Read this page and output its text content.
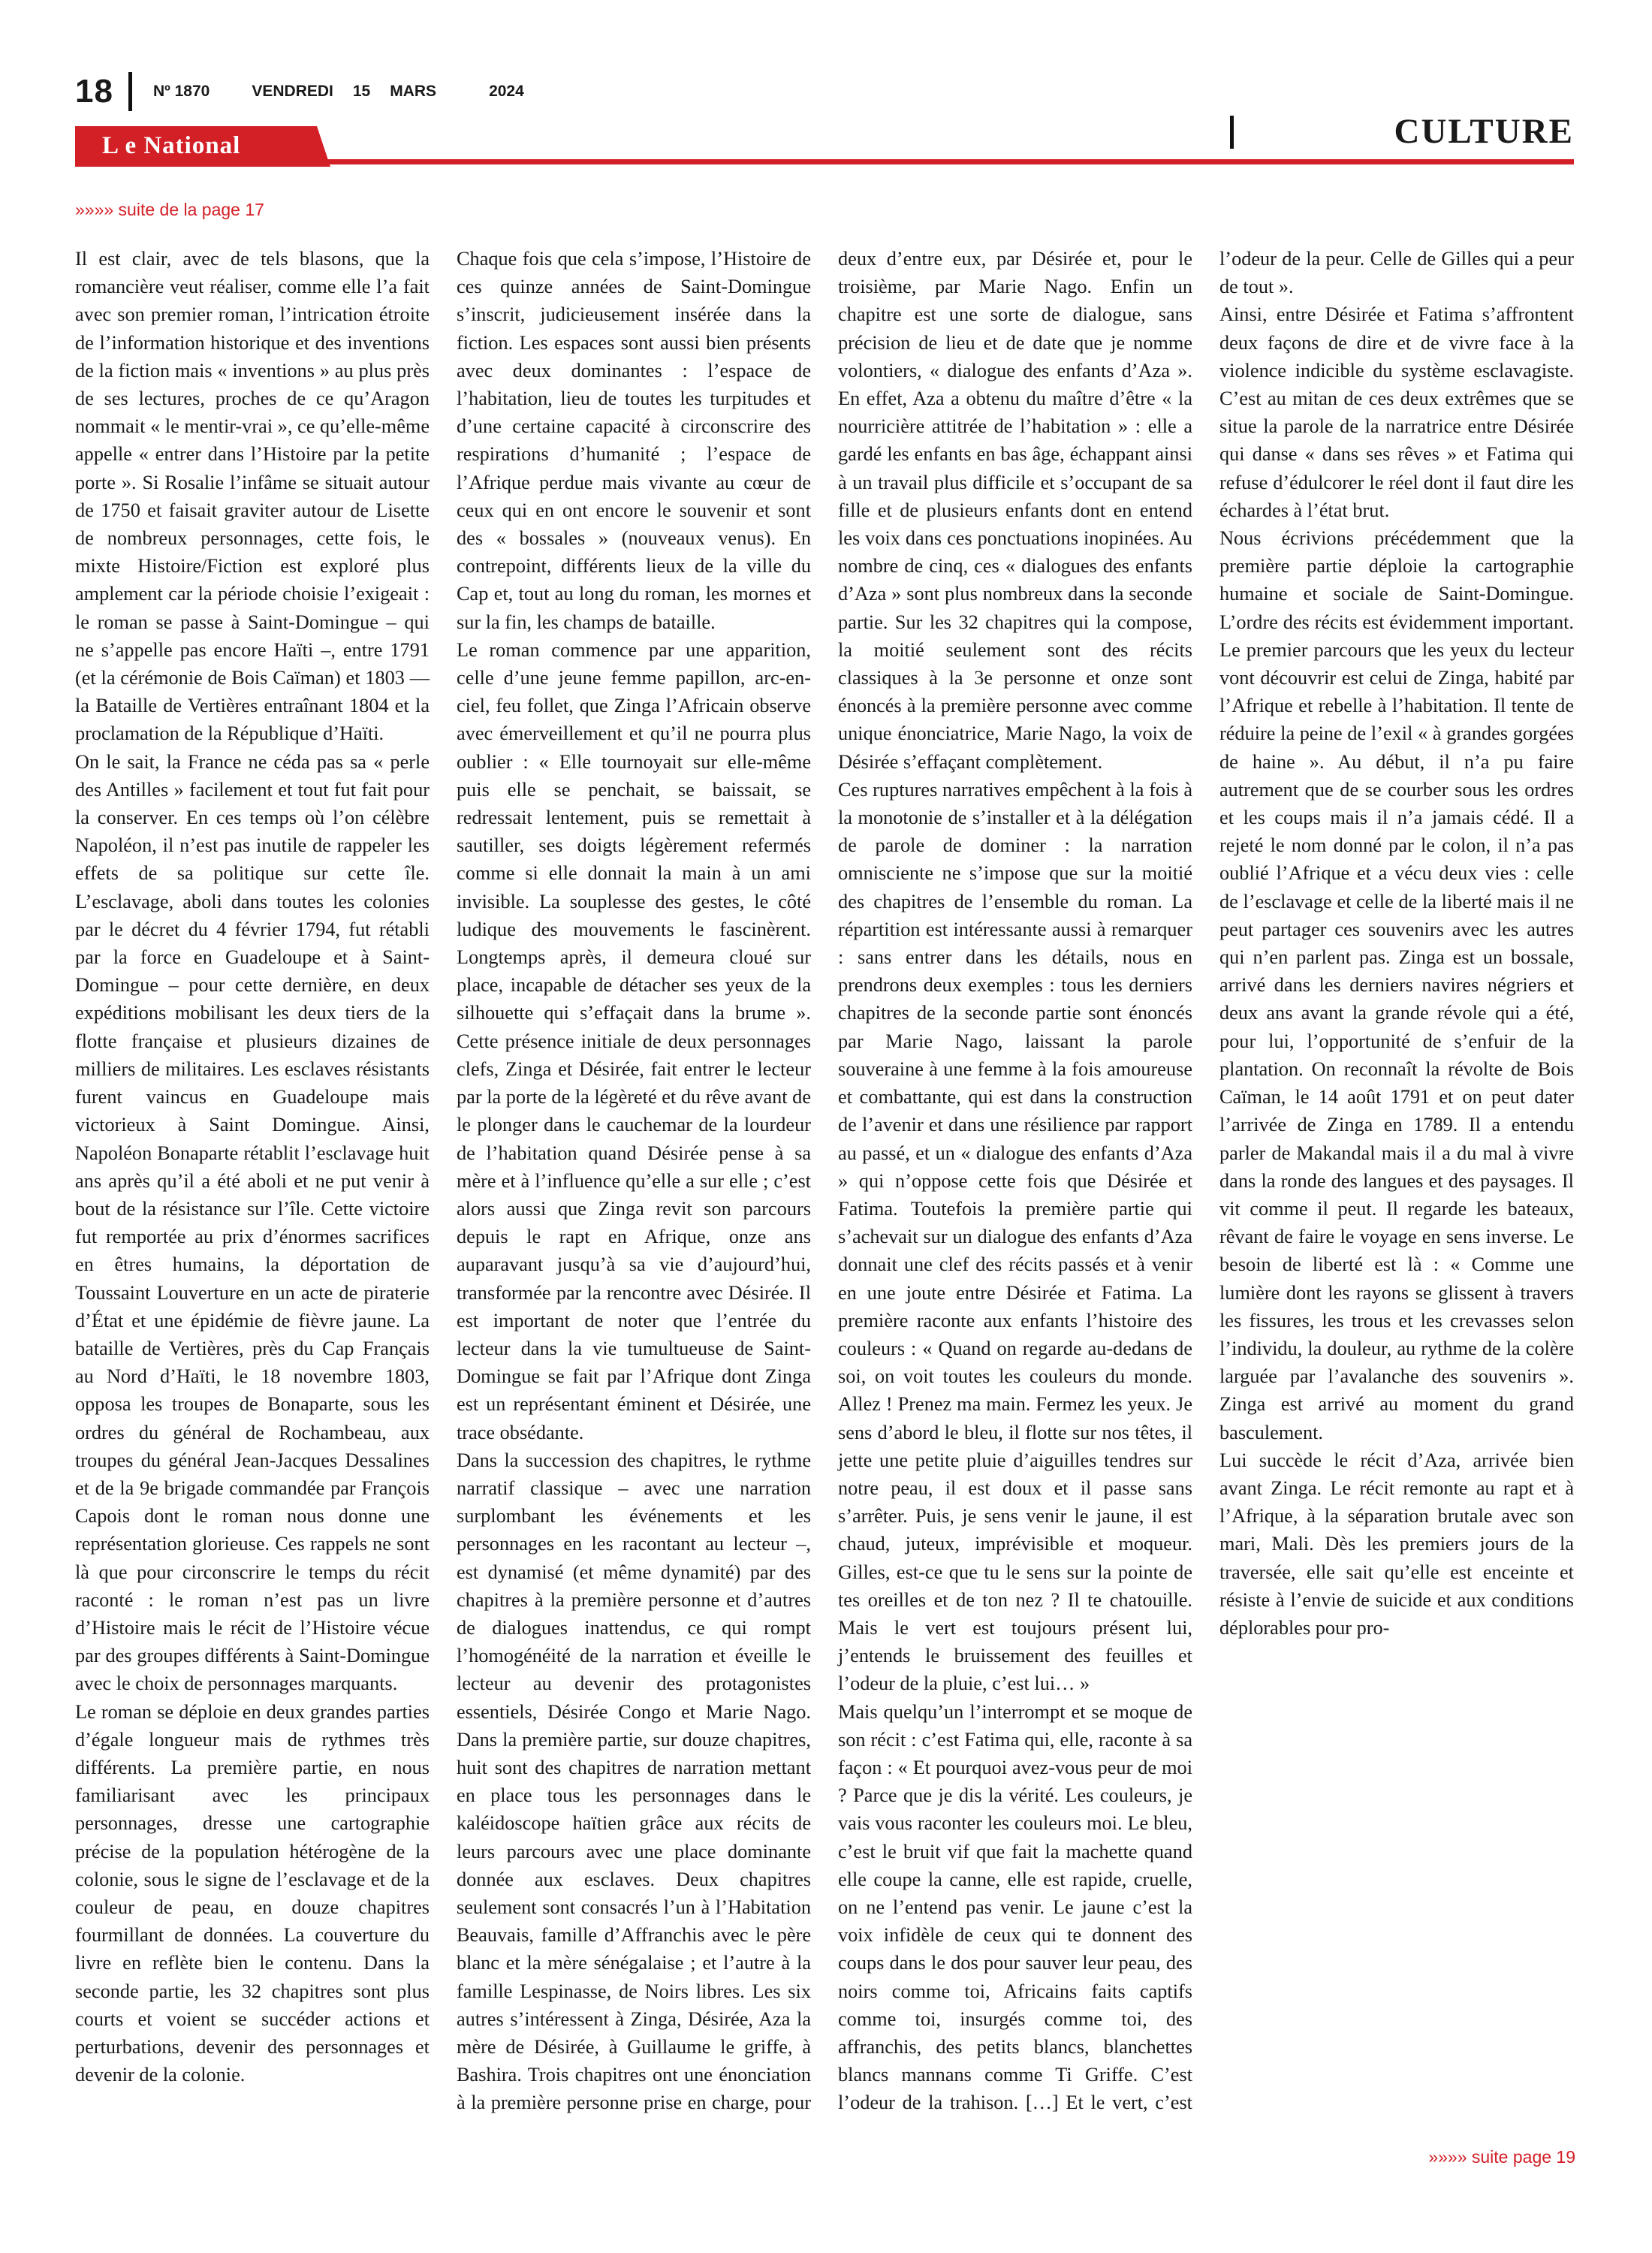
18	Nº 1870	VENDREDI 15 MARS	2024
L e National	CULTURE
»»»» suite de la page 17

Il est clair, avec de tels blasons, que la romancière veut réaliser, comme elle l’a fait avec son premier roman, l’intrication étroite de l’information historique et des inventions de la fiction mais « inventions » au plus près de ses lectures, proches de ce qu’Aragon nommait « le mentir-vrai », ce qu’elle-même appelle « entrer dans l’Histoire par la petite porte ». Si Rosalie l’infâme se situait autour de 1750 et faisait graviter autour de Lisette de nombreux personnages, cette fois, le mixte Histoire/Fiction est exploré plus amplement car la période choisie l’exigeait : le roman se passe à Saint-Domingue – qui ne s’appelle pas encore Haïti –, entre 1791 (et la cérémonie de Bois Caïman) et 1803 — la Bataille de Vertières entraînant 1804 et la proclamation de la République d’Haïti.

On le sait, la France ne céda pas sa « perle des Antilles » facilement et tout fut fait pour la conserver. En ces temps où l’on célèbre Napoléon, il n’est pas inutile de rappeler les effets de sa politique sur cette île. L’esclavage, aboli dans toutes les colonies par le décret du 4 février 1794, fut rétabli par la force en Guadeloupe et à Saint-Domingue – pour cette dernière, en deux expéditions mobilisant les deux tiers de la flotte française et plusieurs dizaines de milliers de militaires. Les esclaves résistants furent vaincus en Guadeloupe mais victorieux à Saint Domingue. Ainsi, Napoléon Bonaparte rétablit l’esclavage huit ans après qu’il a été aboli et ne put venir à bout de la résistance sur l’île. Cette victoire fut remportée au prix d’énormes sacrifices en êtres humains, la déportation de Toussaint Louverture en un acte de piraterie d’État et une épidémie de fièvre jaune. La bataille de Vertières, près du Cap Français au Nord d’Haïti, le 18 novembre 1803, opposa les troupes de Bonaparte, sous les ordres du général de Rochambeau, aux troupes du général Jean-Jacques Dessalines et de la 9e brigade commandée par François Capois dont le roman nous donne une représentation glorieuse. Ces rappels ne sont là que pour circonscrire le temps du récit raconté : le roman n’est pas un livre d’Histoire mais le récit de l’Histoire vécue par des groupes différents à Saint-Domingue avec le choix de personnages marquants.

Le roman se déploie en deux grandes parties d’égale longueur mais de rythmes très différents. La première partie, en nous familiarisant avec les principaux personnages, dresse une cartographie précise de la population hétérogène de la colonie, sous le signe de l’esclavage et de la couleur de peau, en douze chapitres fourmillant de données. La couverture du livre en reflète bien le contenu. Dans la seconde partie, les 32 chapitres sont plus courts et voient se succéder actions et perturbations, devenir des personnages et devenir de la colonie.

Chaque fois que cela s’impose, l’Histoire de ces quinze années de Saint-Domingue s’inscrit, judicieusement insérée dans la fiction. Les espaces sont aussi bien présents avec deux dominantes : l’espace de l’habitation, lieu de toutes les turpitudes et d’une certaine capacité à circonscrire des respirations d’humanité ; l’espace de l’Afrique perdue mais vivante au cœur de ceux qui en ont encore le souvenir et sont des « bossales » (nouveaux venus). En contrepoint, différents lieux de la ville du Cap et, tout au long du roman, les mornes et sur la fin, les champs de bataille.

Le roman commence par une apparition, celle d’une jeune femme papillon, arc-en-ciel, feu follet, que Zinga l’Africain observe avec émerveillement et qu’il ne pourra plus oublier : « Elle tournoyait sur elle-même puis elle se penchait, se baissait, se redressait lentement, puis se remettait à sautiller, ses doigts légèrement refermés comme si elle donnait la main à un ami invisible. La souplesse des gestes, le côté ludique des mouvements le fascinèrent. Longtemps après, il demeura cloué sur place, incapable de détacher ses yeux de la silhouette qui s’effaçait dans la brume ». Cette présence initiale de deux personnages clefs, Zinga et Désirée, fait entrer le lecteur par la porte de la légèreté et du rêve avant de le plonger dans le cauchemar de la lourdeur de l’habitation quand Désirée pense à sa mère et à l’influence qu’elle a sur elle ; c’est alors aussi que Zinga revit son parcours depuis le rapt en Afrique, onze ans auparavant jusqu’à sa vie d’aujourd’hui, transformée par la rencontre avec Désirée. Il est important de noter que l’entrée du lecteur dans la vie tumultueuse de Saint-Domingue se fait par l’Afrique dont Zinga est un représentant éminent et Désirée, une trace obsédante.

Dans la succession des chapitres, le rythme narratif classique – avec une narration surplombant les événements et les personnages en les racontant au lecteur –, est dynamisé (et même dynamité) par des chapitres à la première personne et d’autres de dialogues inattendus, ce qui rompt l’homogénéité de la narration et éveille le lecteur au devenir des protagonistes essentiels, Désirée Congo et Marie Nago. Dans la première partie, sur douze chapitres, huit sont des chapitres de narration mettant en place tous les personnages dans le kaléidoscope haïtien grâce aux récits de leurs parcours avec une place dominante donnée aux esclaves. Deux chapitres seulement sont consacrés l’un à l’Habitation Beauvais, famille d’Affranchis avec le père blanc et la mère sénégalaise ; et l’autre à la famille Lespinasse, de Noirs libres. Les six autres s’intéressent à Zinga, Désirée, Aza la mère de Désirée, à Guillaume le griffe, à Bashira. Trois chapitres ont une énonciation à la première personne prise en charge, pour deux d’entre eux, par Désirée et, pour le troisième, par Marie Nago. Enfin un chapitre est une sorte de dialogue, sans précision de lieu et de date que je nomme volontiers, « dialogue des enfants d’Aza ». En effet, Aza a obtenu du maître d’être « la nourricière attitrée de l’habitation » : elle a gardé les enfants en bas âge, échappant ainsi à un travail plus difficile et s’occupant de sa fille et de plusieurs enfants dont en entend les voix dans ces ponctuations inopinées. Au nombre de cinq, ces « dialogues des enfants d’Aza » sont plus nombreux dans la seconde partie. Sur les 32 chapitres qui la compose, la moitié seulement sont des récits classiques à la 3e personne et onze sont énoncés à la première personne avec comme unique énonciatrice, Marie Nago, la voix de Désirée s’effaçant complètement.

Ces ruptures narratives empêchent à la fois à la monotonie de s’installer et à la délégation de parole de dominer : la narration omnisciente ne s’impose que sur la moitié des chapitres de l’ensemble du roman. La répartition est intéressante aussi à remarquer : sans entrer dans les détails, nous en prendrons deux exemples : tous les derniers chapitres de la seconde partie sont énoncés par Marie Nago, laissant la parole souveraine à une femme à la fois amoureuse et combattante, qui est dans la construction de l’avenir et dans une résilience par rapport au passé, et un « dialogue des enfants d’Aza » qui n’oppose cette fois que Désirée et Fatima. Toutefois la première partie qui s’achevait sur un dialogue des enfants d’Aza donnait une clef des récits passés et à venir en une joute entre Désirée et Fatima. La première raconte aux enfants l’histoire des couleurs : « Quand on regarde au-dedans de soi, on voit toutes les couleurs du monde. Allez ! Prenez ma main. Fermez les yeux. Je sens d’abord le bleu, il flotte sur nos têtes, il jette une petite pluie d’aiguilles tendres sur notre peau, il est doux et il passe sans s’arrêter. Puis, je sens venir le jaune, il est chaud, juteux, imprévisible et moqueur. Gilles, est-ce que tu le sens sur la pointe de tes oreilles et de ton nez ? Il te chatouille. Mais le vert est toujours présent lui, j’entends le bruissement des feuilles et l’odeur de la pluie, c’est lui… »

Mais quelqu’un l’interrompt et se moque de son récit : c’est Fatima qui, elle, raconte à sa façon : « Et pourquoi avez-vous peur de moi ? Parce que je dis la vérité. Les couleurs, je vais vous raconter les couleurs moi. Le bleu, c’est le bruit vif que fait la machette quand elle coupe la canne, elle est rapide, cruelle, on ne l’entend pas venir. Le jaune c’est la voix infidèle de ceux qui te donnent des coups dans le dos pour sauver leur peau, des noirs comme toi, Africains faits captifs comme toi, insurgés comme toi, des affranchis, des petits blancs, blanchettes blancs mannans comme Ti Griffe. C’est l’odeur de la trahison. […] Et le vert, c’est l’odeur de la peur. Celle de Gilles qui a peur de tout ».

Ainsi, entre Désirée et Fatima s’affrontent deux façons de dire et de vivre face à la violence indicible du système esclavagiste. C’est au mitan de ces deux extrêmes que se situe la parole de la narratrice entre Désirée qui danse « dans ses rêves » et Fatima qui refuse d’édulcorer le réel dont il faut dire les échardes à l’état brut.

Nous écrivions précédemment que la première partie déploie la cartographie humaine et sociale de Saint-Domingue. L’ordre des récits est évidemment important. Le premier parcours que les yeux du lecteur vont découvrir est celui de Zinga, habité par l’Afrique et rebelle à l’habitation. Il tente de réduire la peine de l’exil « à grandes gorgées de haine ». Au début, il n’a pu faire autrement que de se courber sous les ordres et les coups mais il n’a jamais cédé. Il a rejeté le nom donné par le colon, il n’a pas oublié l’Afrique et a vécu deux vies : celle de l’esclavage et celle de la liberté mais il ne peut partager ces souvenirs avec les autres qui n’en parlent pas. Zinga est un bossale, arrivé dans les derniers navires négriers et deux ans avant la grande révole qui a été, pour lui, l’opportunité de s’enfuir de la plantation. On reconnaît la révolte de Bois Caïman, le 14 août 1791 et on peut dater l’arrivée de Zinga en 1789. Il a entendu parler de Makandal mais il a du mal à vivre dans la ronde des langues et des paysages. Il vit comme il peut. Il regarde les bateaux, rêvant de faire le voyage en sens inverse. Le besoin de liberté est là : « Comme une lumière dont les rayons se glissent à travers les fissures, les trous et les crevasses selon l’individu, la douleur, au rythme de la colère larguée par l’avalanche des souvenirs ». Zinga est arrivé au moment du grand basculement.

Lui succède le récit d’Aza, arrivée bien avant Zinga. Le récit remonte au rapt et à l’Afrique, à la séparation brutale avec son mari, Mali. Dès les premiers jours de la traversée, elle sait qu’elle est enceinte et résiste à l’envie de suicide et aux conditions déplorables pour pro-

»»»» suite page 19
